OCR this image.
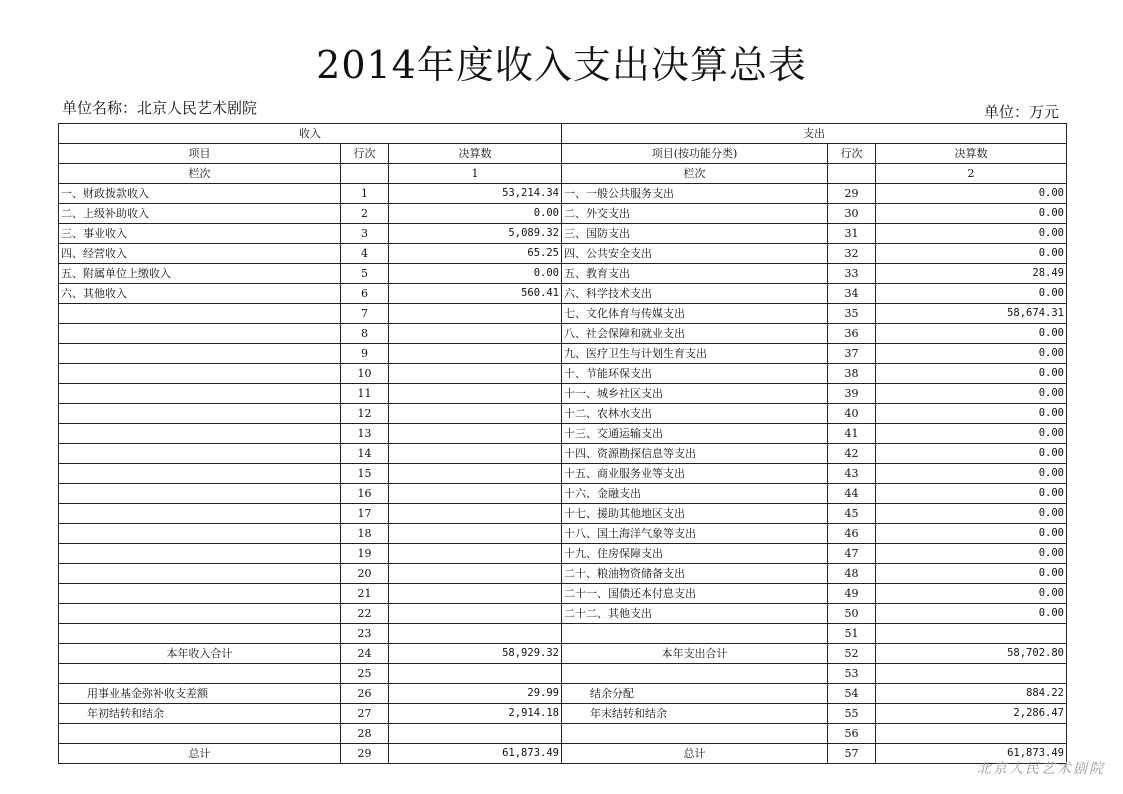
2014年度收入支出决算总表
单位名称：北京人民艺术剧院	单位：万元
收入			支出		
项目	行次	决算数	项目(按功能分类)	行次	决算数
栏次		1	栏次		2
一、财政拨款收入	1	53,214.34	一、一般公共服务支出	29	0.00
二、上级补助收入	2	0.00	二、外交支出	30	0.00
三、事业收入	3	5,089.32	三、国防支出	31	0.00
四、经营收入	4	65.25	四、公共安全支出	32	0.00
五、附属单位上缴收入	5	0.00	五、教育支出	33	28.49
六、其他收入	6	560.41	六、科学技术支出	34	0.00
	7		七、文化体育与传媒支出	35	58,674.31
	8		八、社会保障和就业支出	36	0.00
	9		九、医疗卫生与计划生育支出	37	0.00
	10		十、节能环保支出	38	0.00
	11		十一、城乡社区支出	39	0.00
	12		十二、农林水支出	40	0.00
	13		十三、交通运输支出	41	0.00
	14		十四、资源勘探信息等支出	42	0.00
	15		十五、商业服务业等支出	43	0.00
	16		十六、金融支出	44	0.00
	17		十七、援助其他地区支出	45	0.00
	18		十八、国土海洋气象等支出	46	0.00
	19		十九、住房保障支出	47	0.00
	20		二十、粮油物资储备支出	48	0.00
	21		二十一、国债还本付息支出	49	0.00
	22		二十二、其他支出	50	0.00
	23			51	
本年收入合计	24	58,929.32	本年支出合计	52	58,702.80
	25			53	
用事业基金弥补收支差额	26	29.99	结余分配	54	884.22
年初结转和结余	27	2,914.18	年末结转和结余	55	2,286.47
	28			56	
总计	29	61,873.49	总计	57	61,873.49
北京人民艺术剧院
